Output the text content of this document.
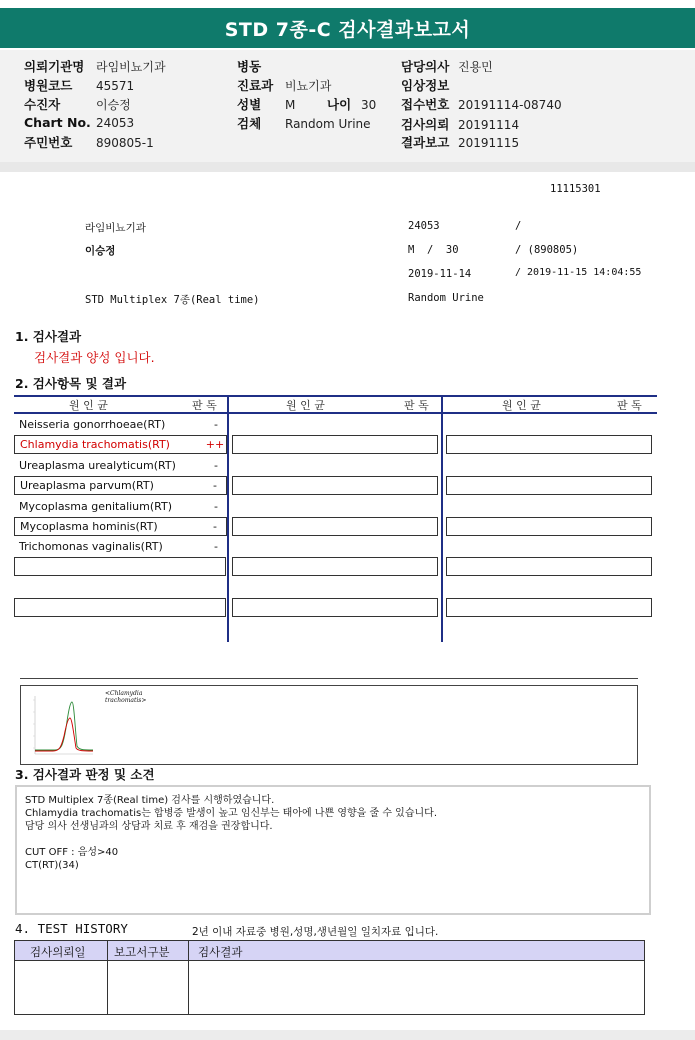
STD 7종-C 검사결과보고서
의뢰기관명 라임비뇨기과
병원코드 45571
수진자	이승정
Chart No. 24053
주민번호 890805-1
병동
진료과 비뇨기과
성별 M	나이 30
검체 Random Urine
담당의사 진용민
임상정보
접수번호 20191114-08740
검사의뢰 20191114
결과보고 20191115
11115301
라임비뇨기과	24053	/
이승정	M  /  30	/ (890805)
2019-11-14	/ 2019-11-15 14:04:55
STD Multiplex 7종(Real time)	Random Urine
1. 검사결과
검사결과 양성 입니다.
2. 검사항목 및 결과
원 인 균	판 독	원 인 균	판 독	원 인 균	판 독
Neisseria gonorrhoeae(RT)	-
Chlamydia trachomatis(RT)	++
Ureaplasma urealyticum(RT)	-
Ureaplasma parvum(RT)	-
Mycoplasma genitalium(RT)	-
Mycoplasma hominis(RT)	-
Trichomonas vaginalis(RT)	-
<Chlamydia trachomatis>
3. 검사결과 판정 및 소견
STD Multiplex 7종(Real time) 검사를 시행하였습니다.
Chlamydia trachomatis는 합병증 발생이 높고 임신부는 태아에 나쁜 영향을 줄 수 있습니다.
담당 의사 선생님과의 상담과 치료 후 재검을 권장합니다.
CUT OFF : 음성>40
CT(RT)(34)
4. TEST HISTORY	2년 이내 자료중 병원,성명,생년월일 일치자료 입니다.
검사의뢰일 보고서구분 검사결과
